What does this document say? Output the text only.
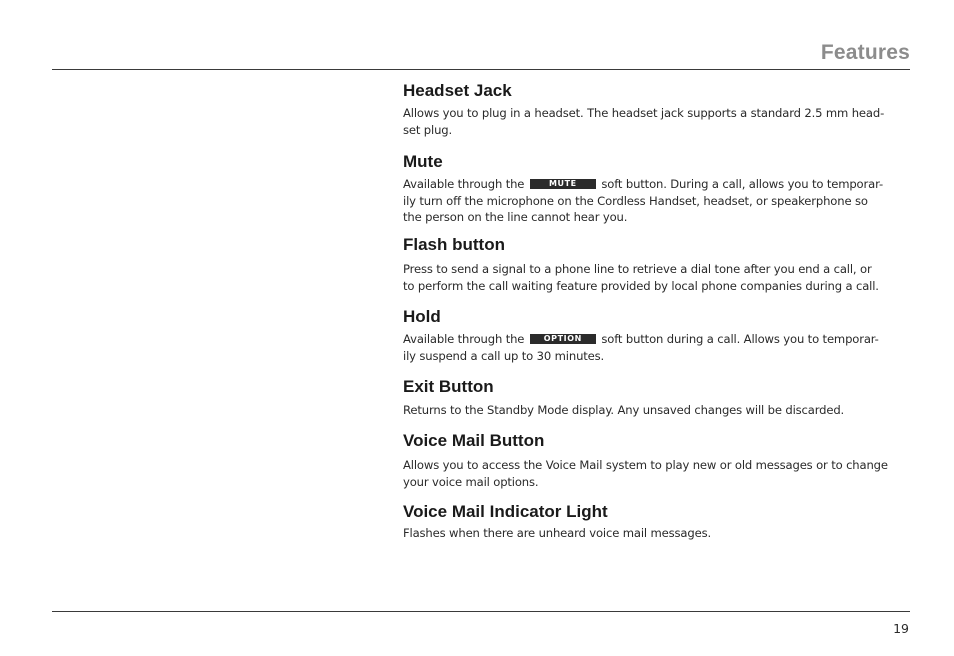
Features
Headset Jack

Allows you to plug in a headset. The headset jack supports a standard 2.5 mm head-
set plug.

Mute

Available through the	MUTE soft button. During a call, allows you to temporar-
ily turn off the microphone on the Cordless Handset, headset, or speakerphone so
the person on the line cannot hear you.

Flash button

Press to send a signal to a phone line to retrieve a dial tone after you end a call, or
to perform the call waiting feature provided by local phone companies during a call.

Hold

Available through the OPTION soft button during a call. Allows you to temporar-
ily suspend a call up to 30 minutes.

Exit Button

Returns to the Standby Mode display. Any unsaved changes will be discarded.

Voice Mail Button

Allows you to access the Voice Mail system to play new or old messages or to change
your voice mail options.

Voice Mail Indicator Light

Flashes when there are unheard voice mail messages.

19
